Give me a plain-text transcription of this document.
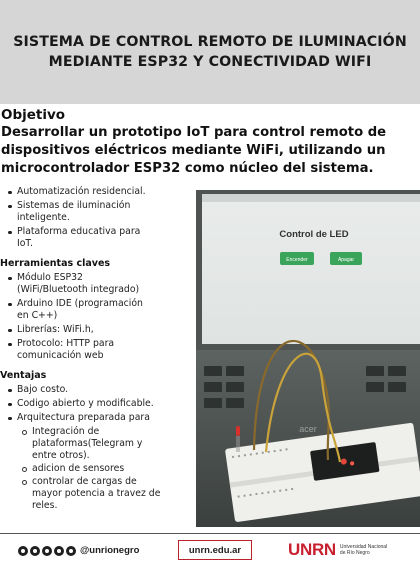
SISTEMA DE CONTROL REMOTO DE ILUMINACIÓN
MEDIANTE ESP32 Y CONECTIVIDAD WIFI
Objetivo
Desarrollar un prototipo IoT para control remoto de
dispositivos eléctricos mediante WiFi, utilizando un
microcontrolador ESP32 como núcleo del sistema.
Automatización residencial.
Sistemas de iluminación
inteligente.
Plataforma educativa para
IoT.
Herramientas claves
Módulo ESP32
(WiFi/Bluetooth integrado)
Arduino IDE (programación
en C++)
Librerías: WiFi.h,
Protocolo: HTTP para
comunicación web
Ventajas
Bajo costo.
Codigo abierto y modificable.
Arquitectura preparada para
Integración de
plataformas(Telegram y
entre otros).
adicion de sensores
controlar de cargas de
mayor potencia a travez de
reles.
Control de LED
Encender	Apagar
acer
@unrionegro	unrn.edu.ar	UNRN Universidad Nacional
de Río Negro
